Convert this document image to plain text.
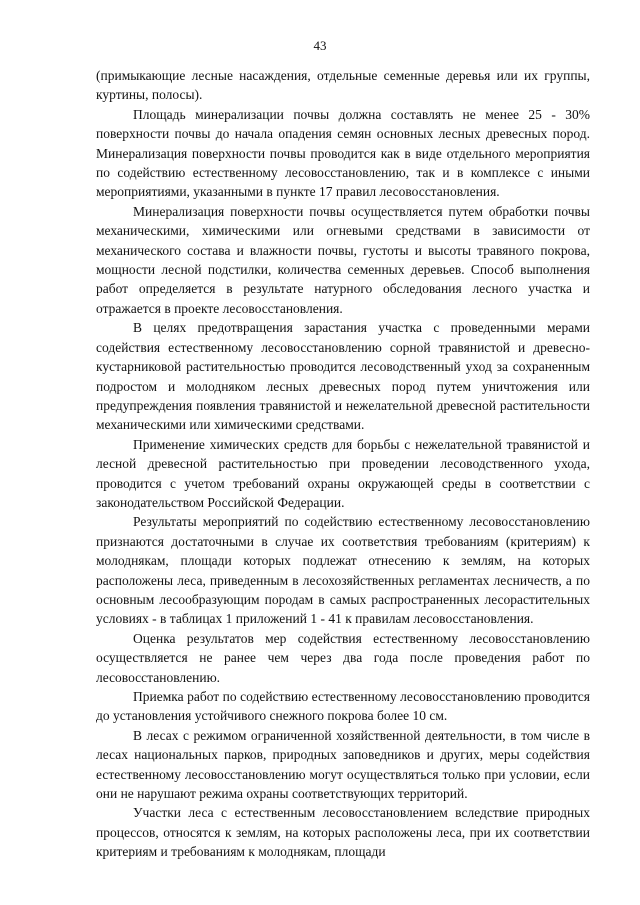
43

(примыкающие лесные насаждения, отдельные семенные деревья или их группы, куртины, полосы).

Площадь минерализации почвы должна составлять не менее 25 - 30% поверхности почвы до начала опадения семян основных лесных древесных пород. Минерализация поверхности почвы проводится как в виде отдельного мероприятия по содействию естественному лесовосстановлению, так и в комплексе с иными мероприятиями, указанными в пункте 17 правил лесовосстановления.

Минерализация поверхности почвы осуществляется путем обработки почвы механическими, химическими или огневыми средствами в зависимости от механического состава и влажности почвы, густоты и высоты травяного покрова, мощности лесной подстилки, количества семенных деревьев. Способ выполнения работ определяется в результате натурного обследования лесного участка и отражается в проекте лесовосстановления.

В целях предотвращения зарастания участка с проведенными мерами содействия естественному лесовосстановлению сорной травянистой и древесно-кустарниковой растительностью проводится лесоводственный уход за сохраненным подростом и молодняком лесных древесных пород путем уничтожения или предупреждения появления травянистой и нежелательной древесной растительности механическими или химическими средствами.

Применение химических средств для борьбы с нежелательной травянистой и лесной древесной растительностью при проведении лесоводственного ухода, проводится с учетом требований охраны окружающей среды в соответствии с законодательством Российской Федерации.

Результаты мероприятий по содействию естественному лесовосстановлению признаются достаточными в случае их соответствия требованиям (критериям) к молоднякам, площади которых подлежат отнесению к землям, на которых расположены леса, приведенным в лесохозяйственных регламентах лесничеств, а по основным лесообразующим породам в самых распространенных лесорастительных условиях - в таблицах 1 приложений 1 - 41 к правилам лесовосстановления.

Оценка результатов мер содействия естественному лесовосстановлению осуществляется не ранее чем через два года после проведения работ по лесовосстановлению.

Приемка работ по содействию естественному лесовосстановлению проводится до установления устойчивого снежного покрова более 10 см.

В лесах с режимом ограниченной хозяйственной деятельности, в том числе в лесах национальных парков, природных заповедников и других, меры содействия естественному лесовосстановлению могут осуществляться только при условии, если они не нарушают режима охраны соответствующих территорий.

Участки леса с естественным лесовосстановлением вследствие природных процессов, относятся к землям, на которых расположены леса, при их соответствии критериям и требованиям к молоднякам, площади
